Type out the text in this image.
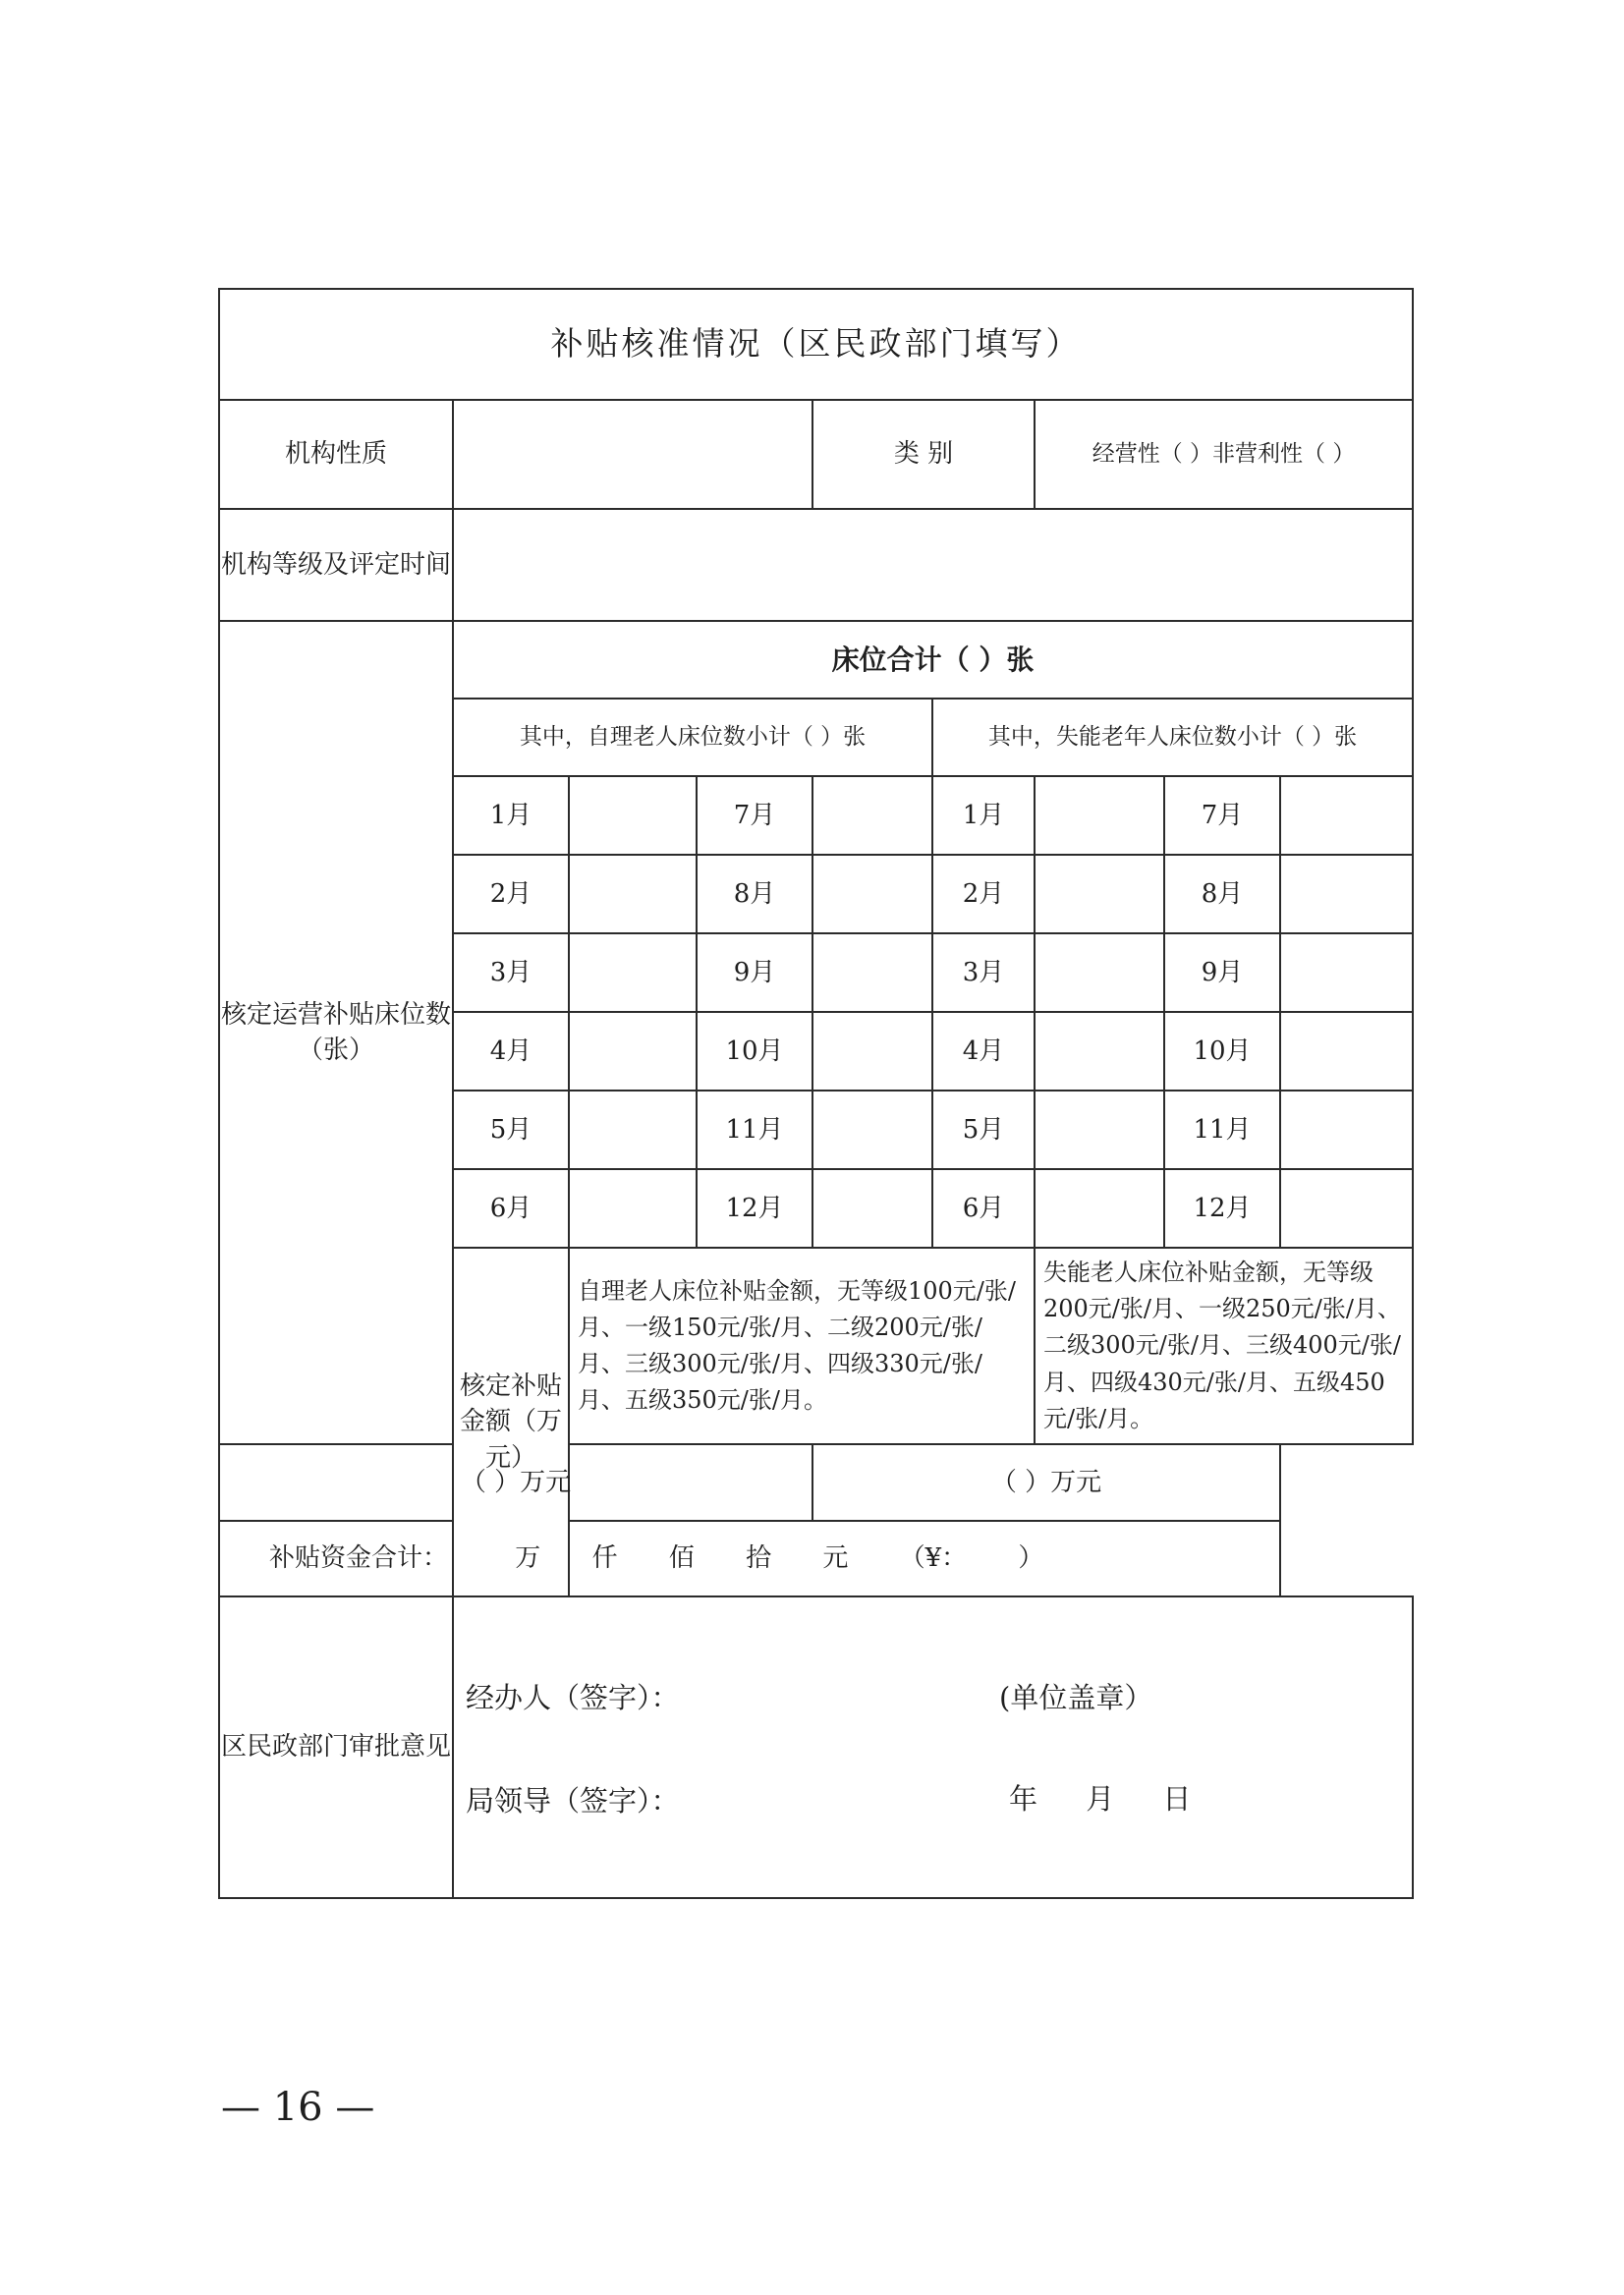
补贴核准情况（区民政部门填写）								
机构性质				类 别		经营性（ ）非营利性（ ）		
机构等级及评定时间								
核定运营补贴床位数（张）	床位合计（ ）张							
	其中，自理老人床位数小计（ ）张				其中，失能老年人床位数小计（ ）张			
	1月		7月		1月		7月	
	2月		8月		2月		8月	
	3月		9月		3月		9月	
	4月		10月		4月		10月	
	5月		11月		5月		11月	
	6月		12月		6月		12月	
	核定补贴金额（万元）	自理老人床位补贴金额，无等级100元/张/月、一级150元/张/月、二级200元/张/月、三级300元/张/月、四级330元/张/月、五级350元/张/月。				失能老人床位补贴金额，无等级200元/张/月、一级250元/张/月、二级300元/张/月、三级400元/张/月、四级430元/张/月、五级450元/张/月。		
（ ）万元				（ ）万元				
补贴资金合计： 万 仟 佰 拾 元 （¥： ）								
区民政部门审批意见	经办人（签字）： (单位盖章）
局领导（签字）： 年 月 日							
— 16 —
